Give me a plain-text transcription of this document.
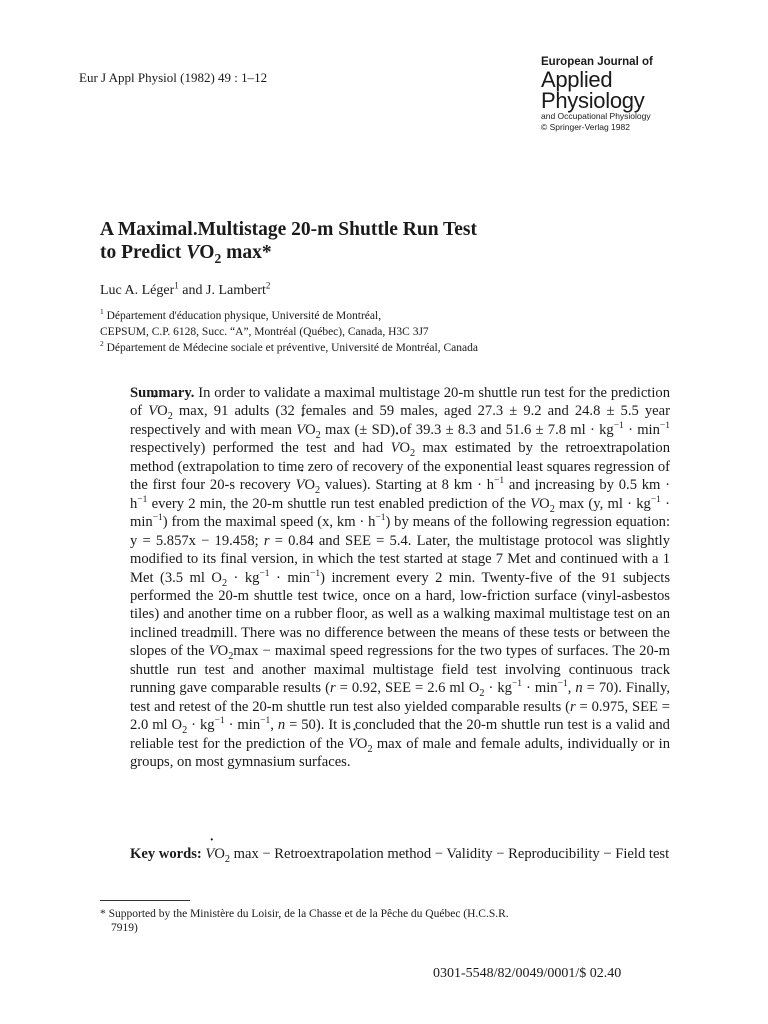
Eur J Appl Physiol (1982) 49 : 1–12
European Journal of
Applied
Physiology
and Occupational Physiology
© Springer-Verlag 1982
A Maximal Multistage 20-m Shuttle Run Test
to Predict ˙ $VO_2$ max*
Luc A. Léger$^1$ and J. Lambert$^2$
$^1$ Département d'éducation physique, Université de Montréal,
CEPSUM, C.P. 6128, Succ. “A”, Montréal (Québec), Canada, H3C 3J7
$^2$ Département de Médecine sociale et préventive, Université de Montréal, Canada

Summary. In order to validate a maximal multistage 20-m shuttle run test for the prediction of ˙ $VO_2$ max, 91 adults (32 females and 59 males, aged 27.3 ± 9.2 and 24.8 ± 5.5 year respectively and with mean ˙ $VO_2$ max (± SD) of 39.3 ± 8.3 and 51.6 ± 7.8 ml · $kg^{-1} \cdot \min^{-1}$ respectively) performed the test and had ˙ $VO_2$ max estimated by the retroextrapolation method (extrapolation to time zero of recovery of the exponential least squares regression of the first four 20-s recovery ˙ $VO_2$ values). Starting at 8 km · $h^{-1}$ and increasing by 0.5 km · $h^{-1}$ every 2 min, the 20-m shuttle run test enabled prediction of the ˙ $VO_2$ max (y, ml · $kg^{-1} \cdot \min^{-1}$) from the maximal speed (x, km · $h^{-1}$) by means of the following regression equation: y = 5.857x − 19.458; r = 0.84 and SEE = 5.4. Later, the multistage protocol was slightly modified to its final version, in which the test started at stage 7 Met and continued with a 1 Met (3.5 ml $O_2 \cdot kg^{-1} \cdot \min^{-1}$) increment every 2 min. Twenty-five of the 91 subjects performed the 20-m shuttle test twice, once on a hard, low-friction surface (vinyl-asbestos tiles) and another time on a rubber floor, as well as a walking maximal multistage test on an inclined treadmill. There was no difference between the means of these tests or between the slopes of the ˙ $VO_2\max$ − maximal speed regressions for the two types of surfaces. The 20-m shuttle run test and another maximal multistage field test involving continuous track running gave comparable results (r = 0.92, SEE = 2.6 ml $O_2 \cdot kg^{-1} \cdot \min^{-1}$, n = 70). Finally, test and retest of the 20-m shuttle run test also yielded comparable results (r = 0.975, SEE = 2.0 ml $O_2 \cdot kg^{-1} \cdot \min^{-1}$, n = 50). It is concluded that the 20-m shuttle run test is a valid and reliable test for the prediction of the ˙ $VO_2$ max of male and female adults, individually or in groups, on most gymnasium surfaces.

Key words: ˙ $VO_2$ max − Retroextrapolation method − Validity − Reproducibility − Field test

* Supported by the Ministère du Loisir, de la Chasse et de la Pêche du Québec (H.C.S.R.
7919)

0301-5548/82/0049/0001/$ 02.40
